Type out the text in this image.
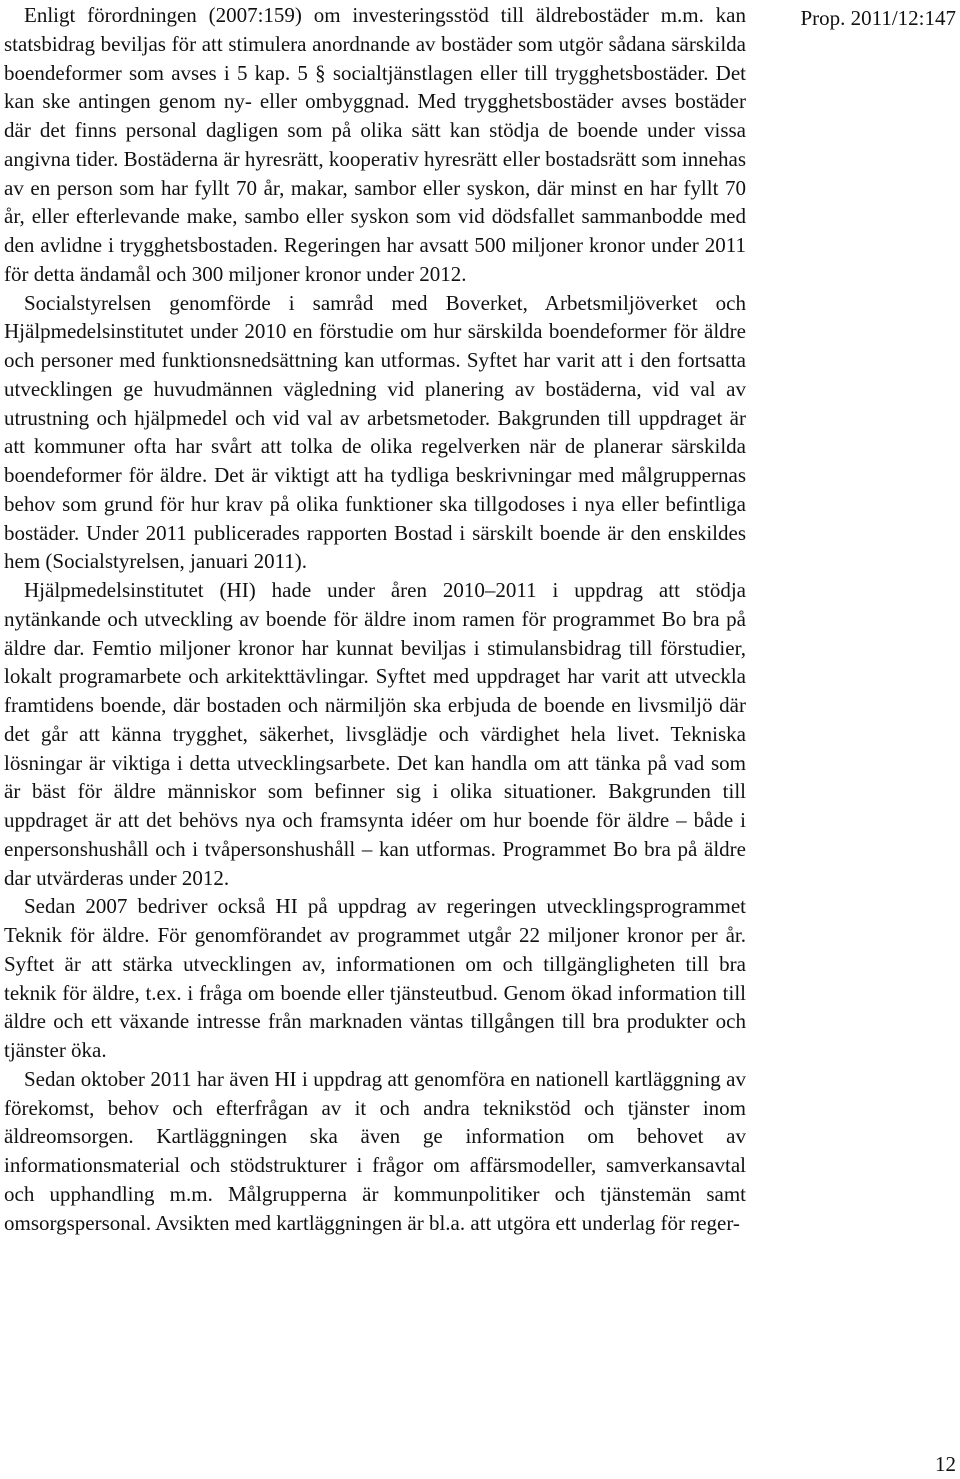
Prop. 2011/12:147

Enligt förordningen (2007:159) om investeringsstöd till äldrebostäder m.m. kan statsbidrag beviljas för att stimulera anordnande av bostäder som utgör sådana särskilda boendeformer som avses i 5 kap. 5 § socialtjänstlagen eller till trygghetsbostäder. Det kan ske antingen genom ny- eller ombyggnad. Med trygghetsbostäder avses bostäder där det finns personal dagligen som på olika sätt kan stödja de boende under vissa angivna tider. Bostäderna är hyresrätt, kooperativ hyresrätt eller bostadsrätt som innehas av en person som har fyllt 70 år, makar, sambor eller syskon, där minst en har fyllt 70 år, eller efterlevande make, sambo eller syskon som vid dödsfallet sammanbodde med den avlidne i trygghetsbostaden. Regeringen har avsatt 500 miljoner kronor under 2011 för detta ändamål och 300 miljoner kronor under 2012.

Socialstyrelsen genomförde i samråd med Boverket, Arbetsmiljöverket och Hjälpmedelsinstitutet under 2010 en förstudie om hur särskilda boendeformer för äldre och personer med funktionsnedsättning kan utformas. Syftet har varit att i den fortsatta utvecklingen ge huvudmännen vägledning vid planering av bostäderna, vid val av utrustning och hjälpmedel och vid val av arbetsmetoder. Bakgrunden till uppdraget är att kommuner ofta har svårt att tolka de olika regelverken när de planerar särskilda boendeformer för äldre. Det är viktigt att ha tydliga beskrivningar med målgruppernas behov som grund för hur krav på olika funktioner ska tillgodoses i nya eller befintliga bostäder. Under 2011 publicerades rapporten Bostad i särskilt boende är den enskildes hem (Socialstyrelsen, januari 2011).

Hjälpmedelsinstitutet (HI) hade under åren 2010–2011 i uppdrag att stödja nytänkande och utveckling av boende för äldre inom ramen för programmet Bo bra på äldre dar. Femtio miljoner kronor har kunnat beviljas i stimulansbidrag till förstudier, lokalt programarbete och arkitekttävlingar. Syftet med uppdraget har varit att utveckla framtidens boende, där bostaden och närmiljön ska erbjuda de boende en livsmiljö där det går att känna trygghet, säkerhet, livsglädje och värdighet hela livet. Tekniska lösningar är viktiga i detta utvecklingsarbete. Det kan handla om att tänka på vad som är bäst för äldre människor som befinner sig i olika situationer. Bakgrunden till uppdraget är att det behövs nya och framsynta idéer om hur boende för äldre – både i enpersonshushåll och i tvåpersonshushåll – kan utformas. Programmet Bo bra på äldre dar utvärderas under 2012.

Sedan 2007 bedriver också HI på uppdrag av regeringen utvecklingsprogrammet Teknik för äldre. För genomförandet av programmet utgår 22 miljoner kronor per år. Syftet är att stärka utvecklingen av, informationen om och tillgängligheten till bra teknik för äldre, t.ex. i fråga om boende eller tjänsteutbud. Genom ökad information till äldre och ett växande intresse från marknaden väntas tillgången till bra produkter och tjänster öka.

Sedan oktober 2011 har även HI i uppdrag att genomföra en nationell kartläggning av förekomst, behov och efterfrågan av it och andra teknikstöd och tjänster inom äldreomsorgen. Kartläggningen ska även ge information om behovet av informationsmaterial och stödstrukturer i frågor om affärsmodeller, samverkansavtal och upphandling m.m. Målgrupperna är kommunpolitiker och tjänstemän samt omsorgspersonal. Avsikten med kartläggningen är bl.a. att utgöra ett underlag för reger-

12
